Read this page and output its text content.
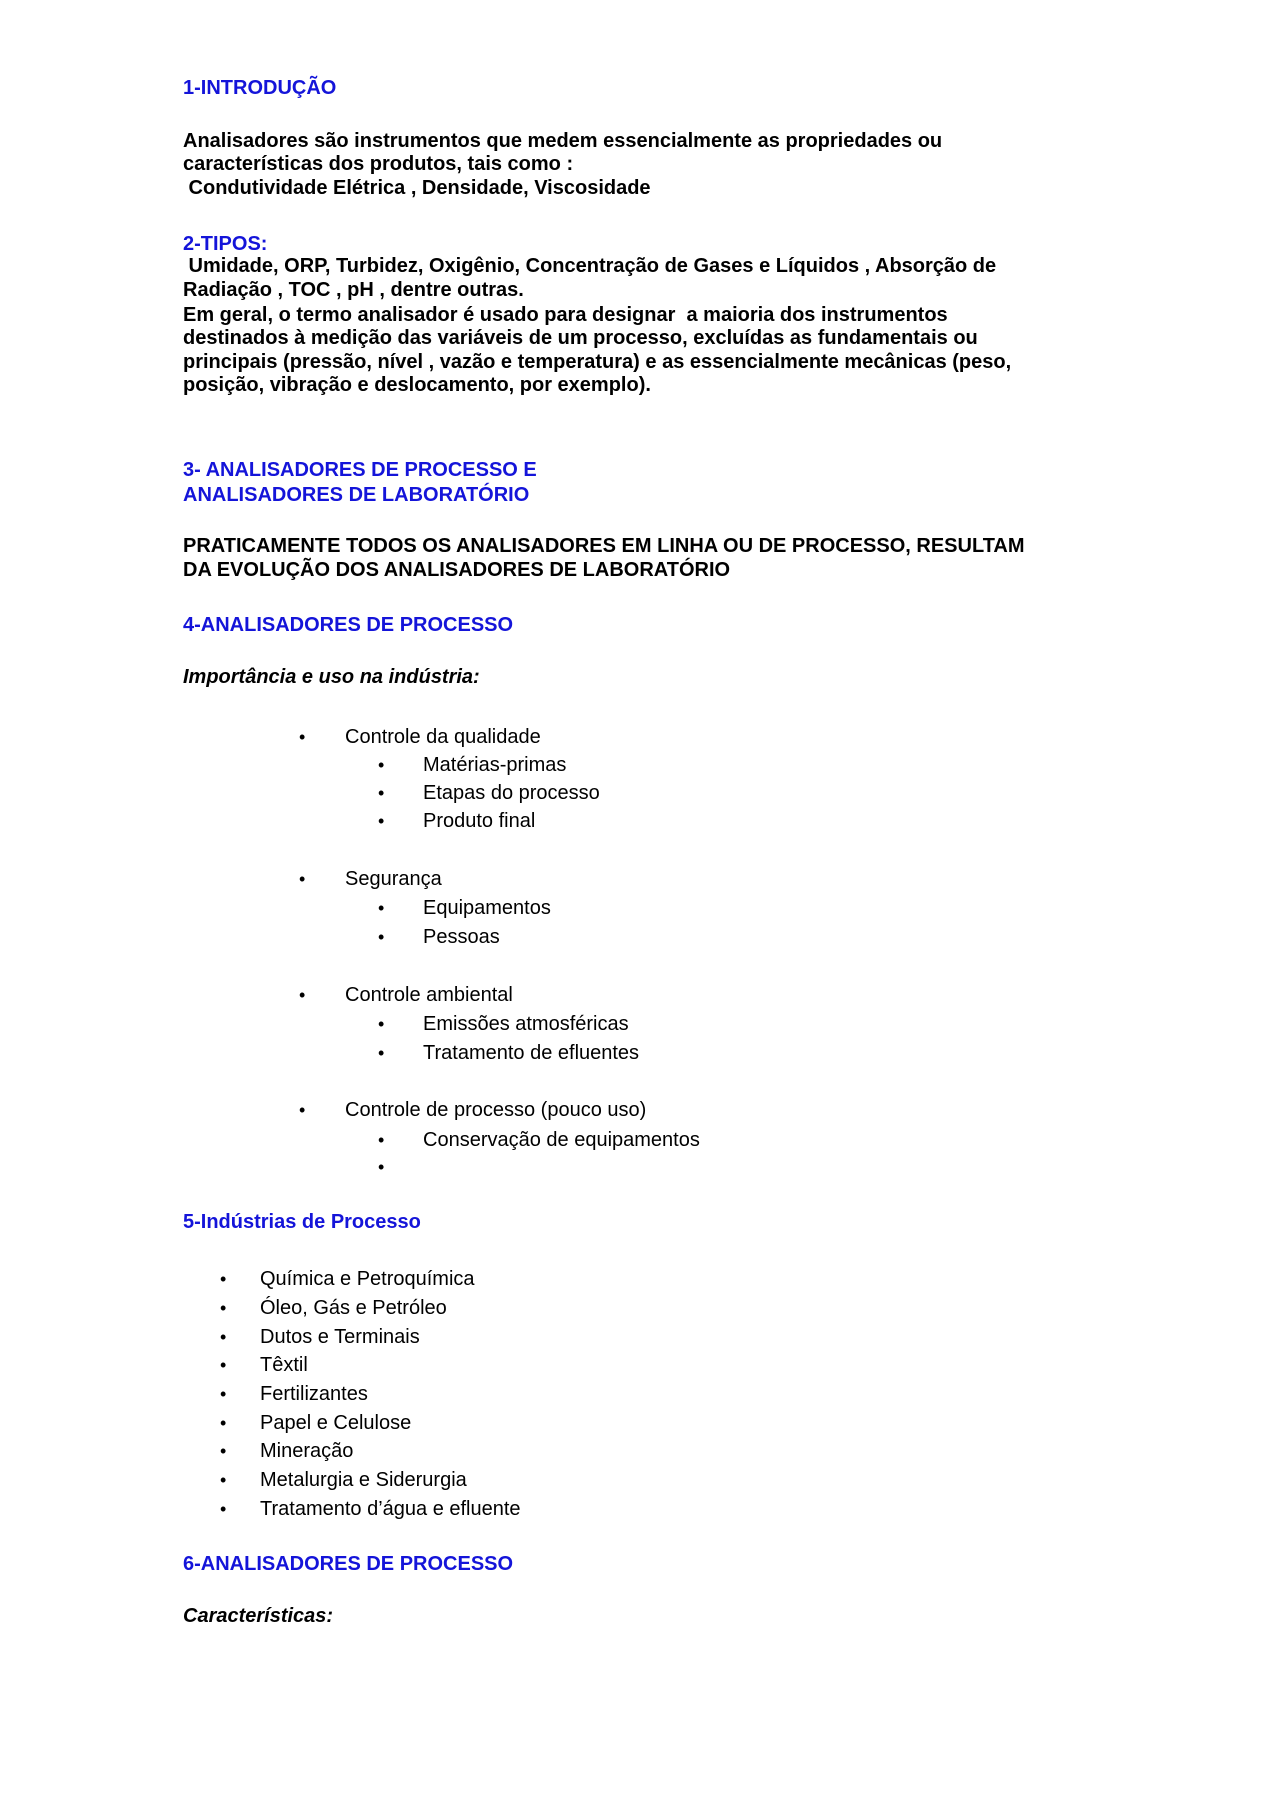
1-INTRODUÇÃO
Analisadores são instrumentos que medem essencialmente as propriedades ou
características dos produtos, tais como :
Condutividade Elétrica , Densidade, Viscosidade
2-TIPOS:
Umidade, ORP, Turbidez, Oxigênio, Concentração de Gases e Líquidos , Absorção de
Radiação , TOC , pH , dentre outras.
Em geral, o termo analisador é usado para designar  a maioria dos instrumentos
destinados à medição das variáveis de um processo, excluídas as fundamentais ou
principais (pressão, nível , vazão e temperatura) e as essencialmente mecânicas (peso,
posição, vibração e deslocamento, por exemplo).
3- ANALISADORES DE PROCESSO E
ANALISADORES DE LABORATÓRIO
PRATICAMENTE TODOS OS ANALISADORES EM LINHA OU DE PROCESSO, RESULTAM
DA EVOLUÇÃO DOS ANALISADORES DE LABORATÓRIO
4-ANALISADORES DE PROCESSO
Importância e uso na indústria:
• Controle da qualidade
• Matérias-primas
• Etapas do processo
• Produto final
• Segurança
• Equipamentos
• Pessoas
• Controle ambiental
• Emissões atmosféricas
• Tratamento de efluentes
• Controle de processo (pouco uso)
• Conservação de equipamentos
•
5-Indústrias de Processo
• Química e Petroquímica
• Óleo, Gás e Petróleo
• Dutos e Terminais
• Têxtil
• Fertilizantes
• Papel e Celulose
• Mineração
• Metalurgia e Siderurgia
• Tratamento d’água e efluente
6-ANALISADORES DE PROCESSO
Características:
